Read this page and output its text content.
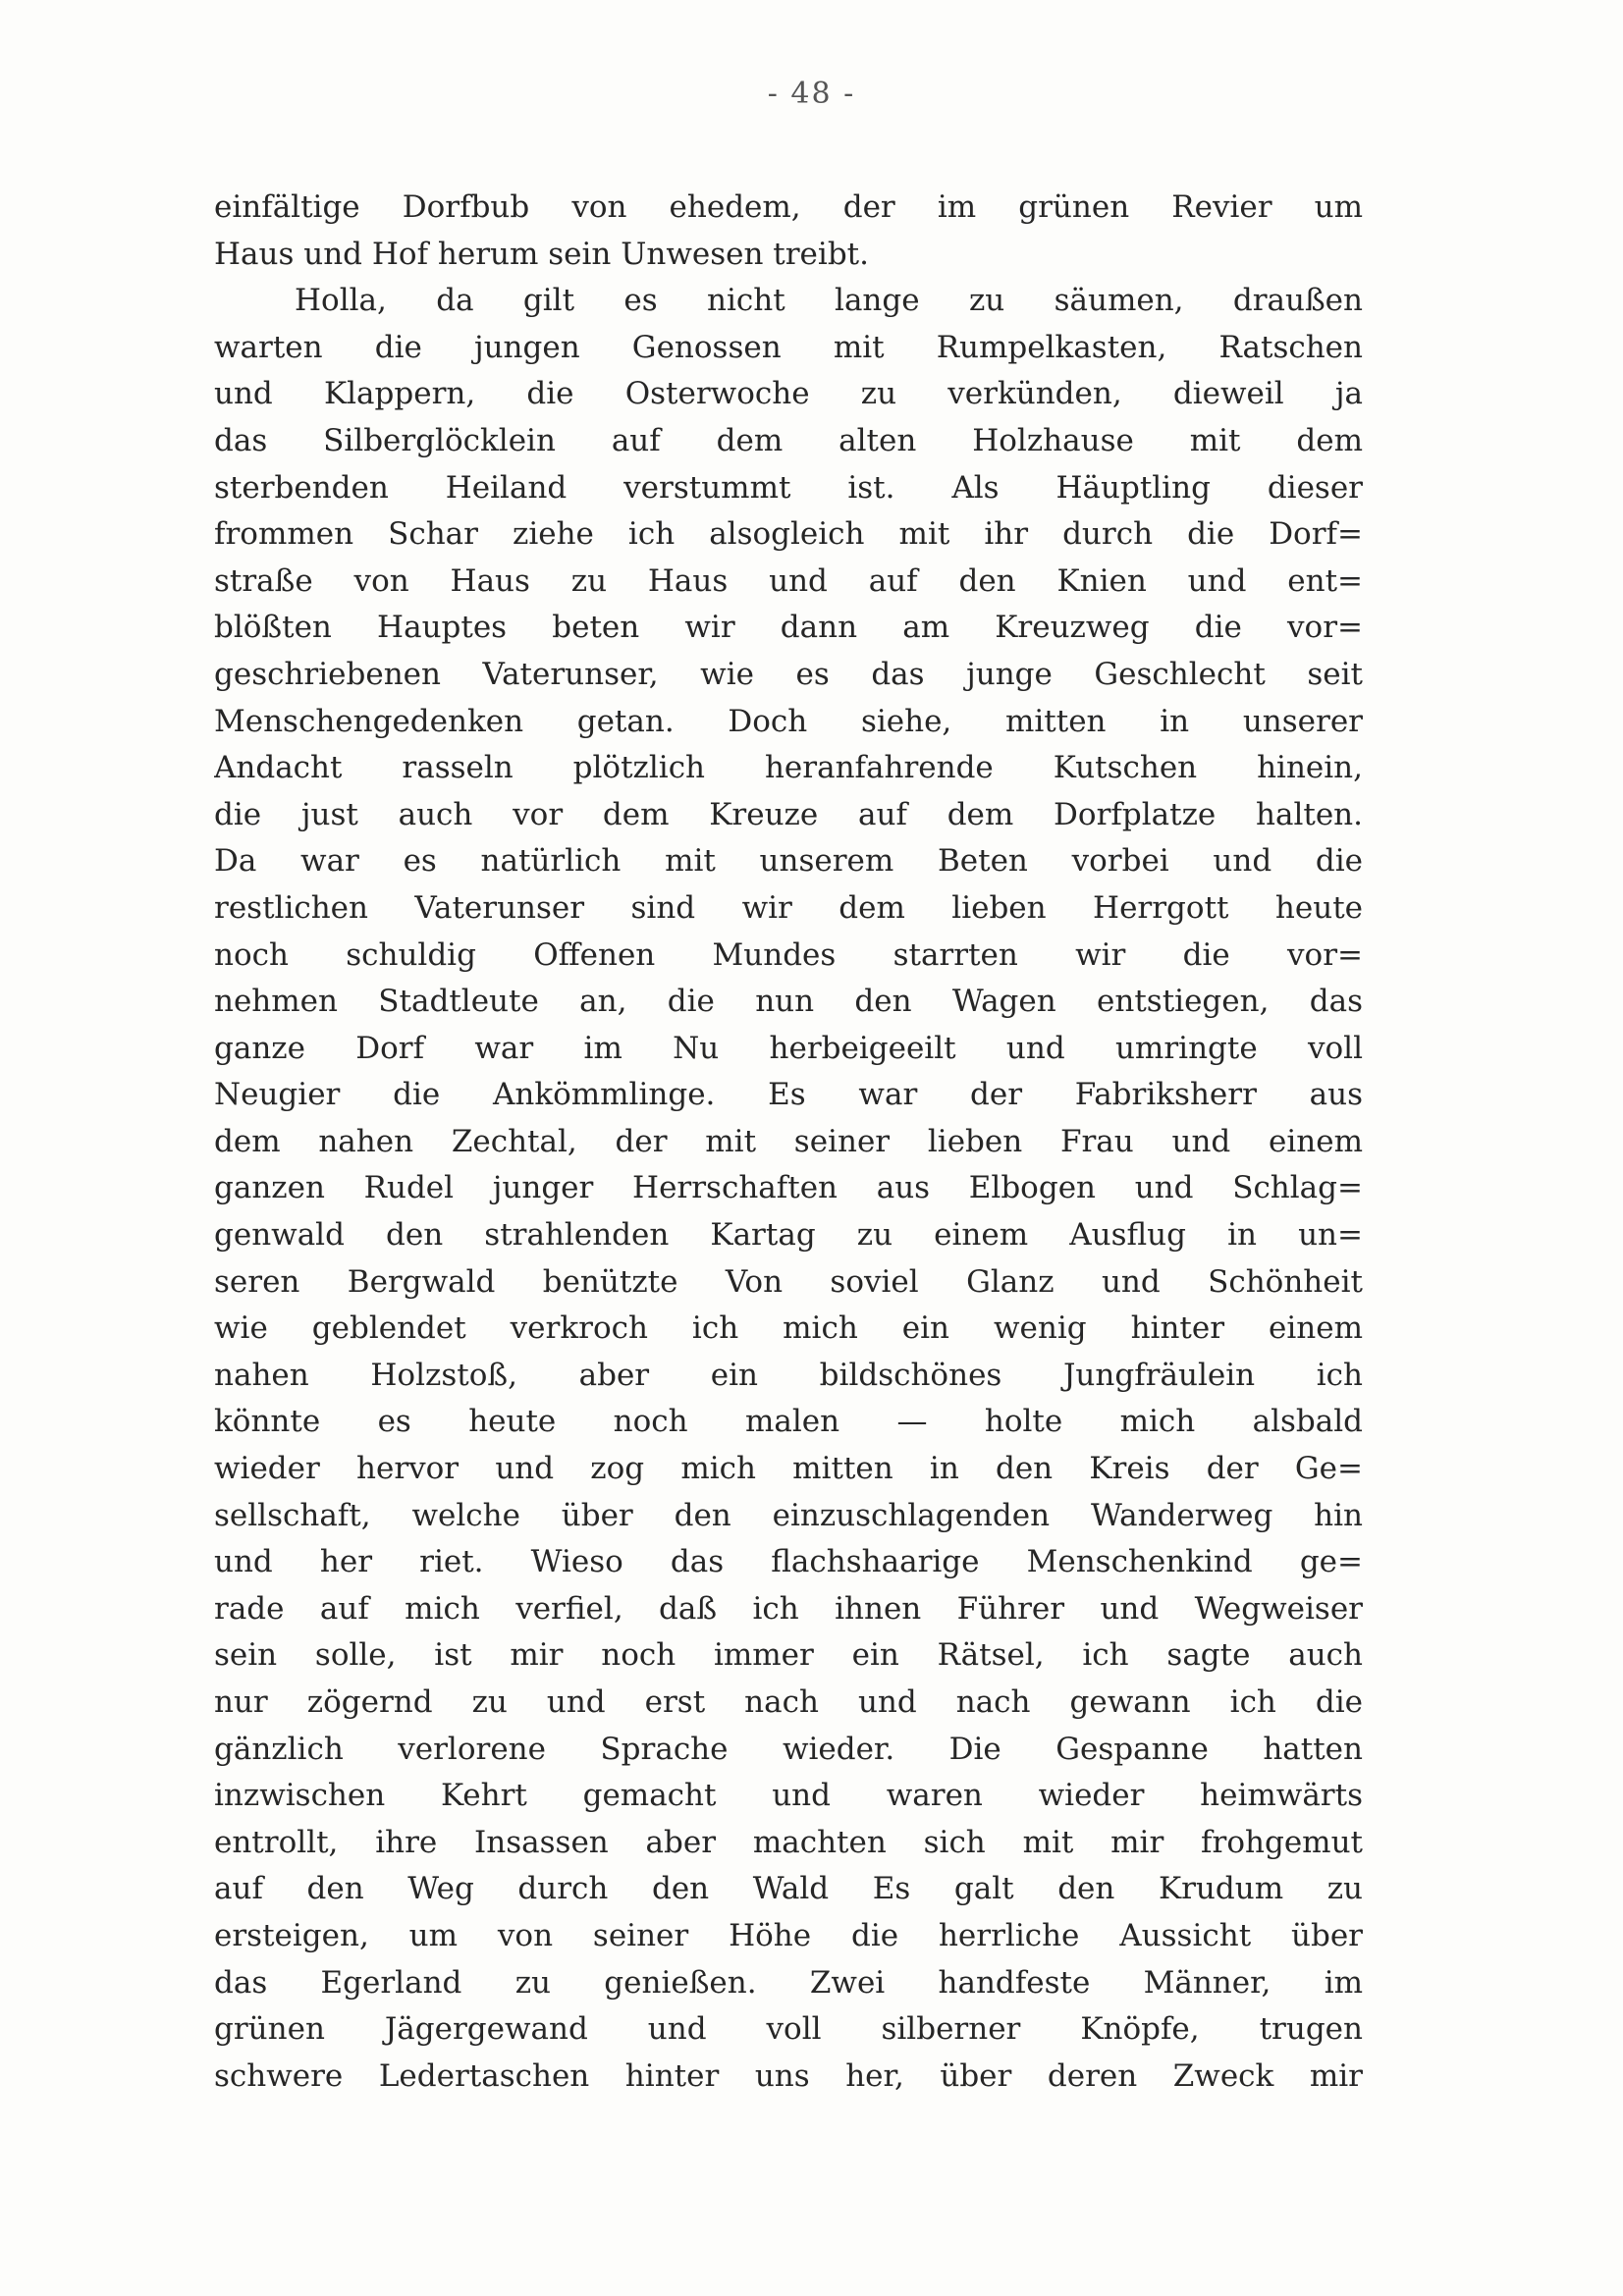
- 48 -
einfältige Dorfbub von ehedem, der im grünen Revier um
Haus und Hof herum sein Unwesen treibt.
Holla, da gilt es nicht lange zu säumen, draußen
warten die jungen Genossen mit Rumpelkasten, Ratschen
und Klappern, die Osterwoche zu verkünden, dieweil ja
das Silberglöcklein auf dem alten Holzhause mit dem
sterbenden Heiland verstummt ist. Als Häuptling dieser
frommen Schar ziehe ich alsogleich mit ihr durch die Dorf=
straße von Haus zu Haus und auf den Knien und ent=
blößten Hauptes beten wir dann am Kreuzweg die vor=
geschriebenen Vaterunser, wie es das junge Geschlecht seit
Menschengedenken getan. Doch siehe, mitten in unserer
Andacht rasseln plötzlich heranfahrende Kutschen hinein,
die just auch vor dem Kreuze auf dem Dorfplatze halten.
Da war es natürlich mit unserem Beten vorbei und die
restlichen Vaterunser sind wir dem lieben Herrgott heute
noch schuldig Offenen Mundes starrten wir die vor=
nehmen Stadtleute an, die nun den Wagen entstiegen, das
ganze Dorf war im Nu herbeigeeilt und umringte voll
Neugier die Ankömmlinge. Es war der Fabriksherr aus
dem nahen Zechtal, der mit seiner lieben Frau und einem
ganzen Rudel junger Herrschaften aus Elbogen und Schlag=
genwald den strahlenden Kartag zu einem Ausflug in un=
seren Bergwald benützte Von soviel Glanz und Schönheit
wie geblendet verkroch ich mich ein wenig hinter einem
nahen Holzstoß, aber ein bildschönes Jungfräulein ich
könnte es heute noch malen — holte mich alsbald
wieder hervor und zog mich mitten in den Kreis der Ge=
sellschaft, welche über den einzuschlagenden Wanderweg hin
und her riet. Wieso das flachshaarige Menschenkind ge=
rade auf mich verfiel, daß ich ihnen Führer und Wegweiser
sein solle, ist mir noch immer ein Rätsel, ich sagte auch
nur zögernd zu und erst nach und nach gewann ich die
gänzlich verlorene Sprache wieder. Die Gespanne hatten
inzwischen Kehrt gemacht und waren wieder heimwärts
entrollt, ihre Insassen aber machten sich mit mir frohgemut
auf den Weg durch den Wald Es galt den Krudum zu
ersteigen, um von seiner Höhe die herrliche Aussicht über
das Egerland zu genießen. Zwei handfeste Männer, im
grünen Jägergewand und voll silberner Knöpfe, trugen
schwere Ledertaschen hinter uns her, über deren Zweck mir
